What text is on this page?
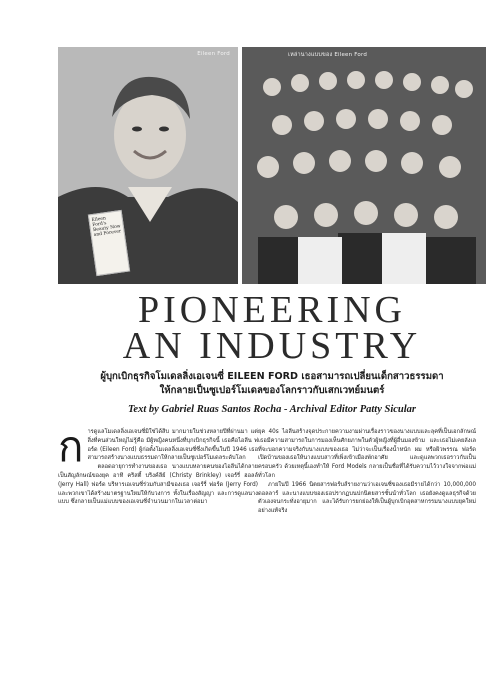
Eileen Ford's Beauty Now and Forever
Eileen Ford	เหล่านางแบบของ Eileen Ford
PIONEERING
AN INDUSTRY
ผู้บุกเบิกธุรกิจโมเดลลิ่งเอเจนซี่ EILEEN FORD เธอสามารถเปลี่ยนเด็กสาวธรรมดา
ให้กลายเป็นซูเปอร์โมเดลของโลกราวกับเสกเวทย์มนตร์
Text by Gabriel Ruas Santos Rocha - Archival Editor Patty Sicular
ก ารดูแลโมเดลลิ่งเอเจนซี่มิใช่ได้สิบ มากมายในช่วงหลายปีที่ผ่านมา แต่สิ่งที่คนส่วนใหญ่ไม่รู้คือ มีผู้หญิงคนหนึ่งที่บุกเบิกธุรกิจนี้ เธอคือไอลีน ฟอร์ด (Eileen Ford) ผู้ก่อตั้งโมเดลลิ่งเอเจนซี่ซึ่งเกิดขึ้นในปี 1946 เธอสามารถสร้างนางแบบธรรมดาให้กลายเป็นซูเปอร์โมเดลระดับโลก

ตลอดอายุการทำงานของเธอ นางแบบหลายคนของไอลีนได้กลายเป็นสัญลักษณ์ของยุค อาทิ คริสตี้ บริงค์ลีย์ (Christy Brinkley) เจอร์รี่ ฮอลล์ (Jerry Hall) ฟอร์ด บริหารเอเจนซี่ร่วมกับสามีของเธอ เจอร์รี่ ฟอร์ด (Jerry Ford) และพวกเขาได้สร้างมาตรฐานใหม่ให้กับวงการ ทั้งในเรื่องสัญญา และการดูแลนางแบบ ซึ่งกลายเป็นแม่แบบของเอเจนซี่จำนวนมากในเวลาต่อมา

ยุค 40s ไอลีนสร้างจุดประกายความงามผ่านเรื่องราวของนางแบบและลุคที่เป็นเอกลักษณ์ เธอมีความสามารถในการมองเห็นศักยภาพในตัวผู้หญิงที่ผู้อื่นมองข้าม และเธอไม่เคยลังเลที่จะบอกความจริงกับนางแบบของเธอ ไม่ว่าจะเป็นเรื่องน้ำหนัก ผม หรือผิวพรรณ ฟอร์ดเปิดบ้านของเธอให้นางแบบสาวที่เพิ่งเข้าเมืองพักอาศัย และดูแลพวกเธอราวกับเป็นครอบครัว ด้วยเหตุนี้เองทำให้ Ford Models กลายเป็นชื่อที่ได้รับความไว้วางใจจากพ่อแม่ทั่วโลก

ภายในปี 1966 นิตยสารฟอร์บส์รายงานว่าเอเจนซี่ของเธอมีรายได้กว่า 10,000,000 ดอลลาร์ และนางแบบของเธอปรากฏบนปกนิตยสารชั้นนำทั่วโลก เธอยังคงดูแลธุรกิจด้วยตัวเองจนกระทั่งอายุมาก และได้รับการยกย่องให้เป็นผู้บุกเบิกอุตสาหกรรมนางแบบยุคใหม่อย่างแท้จริง
